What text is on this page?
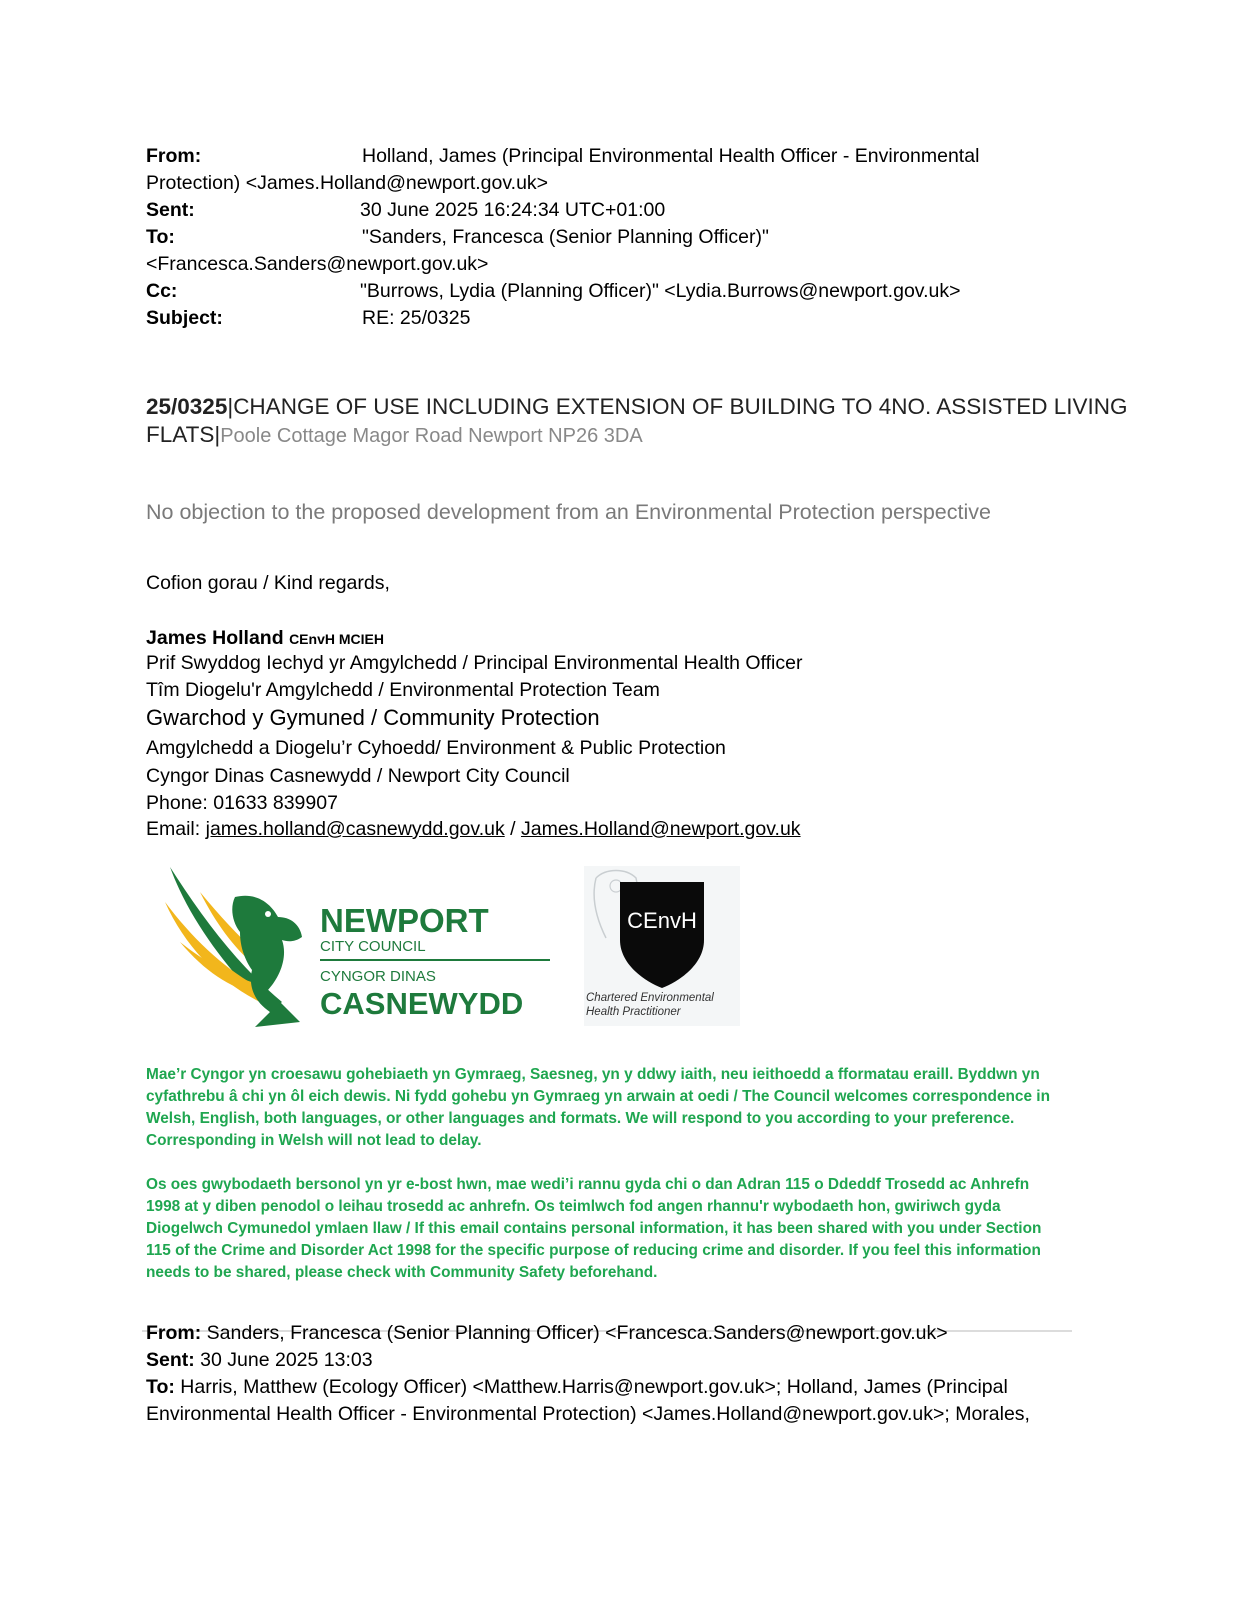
From:	Holland, James (Principal Environmental Health Officer - Environmental
Protection) <James.Holland@newport.gov.uk>
Sent:	30 June 2025 16:24:34 UTC+01:00
To:	"Sanders, Francesca (Senior Planning Officer)"
<Francesca.Sanders@newport.gov.uk>
Cc:	"Burrows, Lydia (Planning Officer)" <Lydia.Burrows@newport.gov.uk>
Subject:	RE: 25/0325
25/0325|CHANGE OF USE INCLUDING EXTENSION OF BUILDING TO 4NO. ASSISTED LIVING
FLATS|Poole Cottage Magor Road Newport NP26 3DA
No objection to the proposed development from an Environmental Protection perspective
Cofion gorau / Kind regards,
James Holland CEnvH MCIEH
Prif Swyddog Iechyd yr Amgylchedd / Principal Environmental Health Officer
Tîm Diogelu'r Amgylchedd / Environmental Protection Team
Gwarchod y Gymuned / Community Protection
Amgylchedd a Diogelu’r Cyhoedd/ Environment & Public Protection
Cyngor Dinas Casnewydd / Newport City Council
Phone: 01633 839907
Email: james.holland@casnewydd.gov.uk / James.Holland@newport.gov.uk
NEWPORT
CITY COUNCIL
CYNGOR DINAS
CASNEWYDD
CEnvH
Chartered Environmental
Health Practitioner
Mae’r Cyngor yn croesawu gohebiaeth yn Gymraeg, Saesneg, yn y ddwy iaith, neu ieithoedd a fformatau eraill. Byddwn yn
cyfathrebu â chi yn ôl eich dewis. Ni fydd gohebu yn Gymraeg yn arwain at oedi / The Council welcomes correspondence in
Welsh, English, both languages, or other languages and formats. We will respond to you according to your preference.
Corresponding in Welsh will not lead to delay.
Os oes gwybodaeth bersonol yn yr e-bost hwn, mae wedi’i rannu gyda chi o dan Adran 115 o Ddeddf Trosedd ac Anhrefn
1998 at y diben penodol o leihau trosedd ac anhrefn. Os teimlwch fod angen rhannu'r wybodaeth hon, gwiriwch gyda
Diogelwch Cymunedol ymlaen llaw / If this email contains personal information, it has been shared with you under Section
115 of the Crime and Disorder Act 1998 for the specific purpose of reducing crime and disorder. If you feel this information
needs to be shared, please check with Community Safety beforehand.
From: Sanders, Francesca (Senior Planning Officer) <Francesca.Sanders@newport.gov.uk>
Sent: 30 June 2025 13:03
To: Harris, Matthew (Ecology Officer) <Matthew.Harris@newport.gov.uk>; Holland, James (Principal
Environmental Health Officer - Environmental Protection) <James.Holland@newport.gov.uk>; Morales,
